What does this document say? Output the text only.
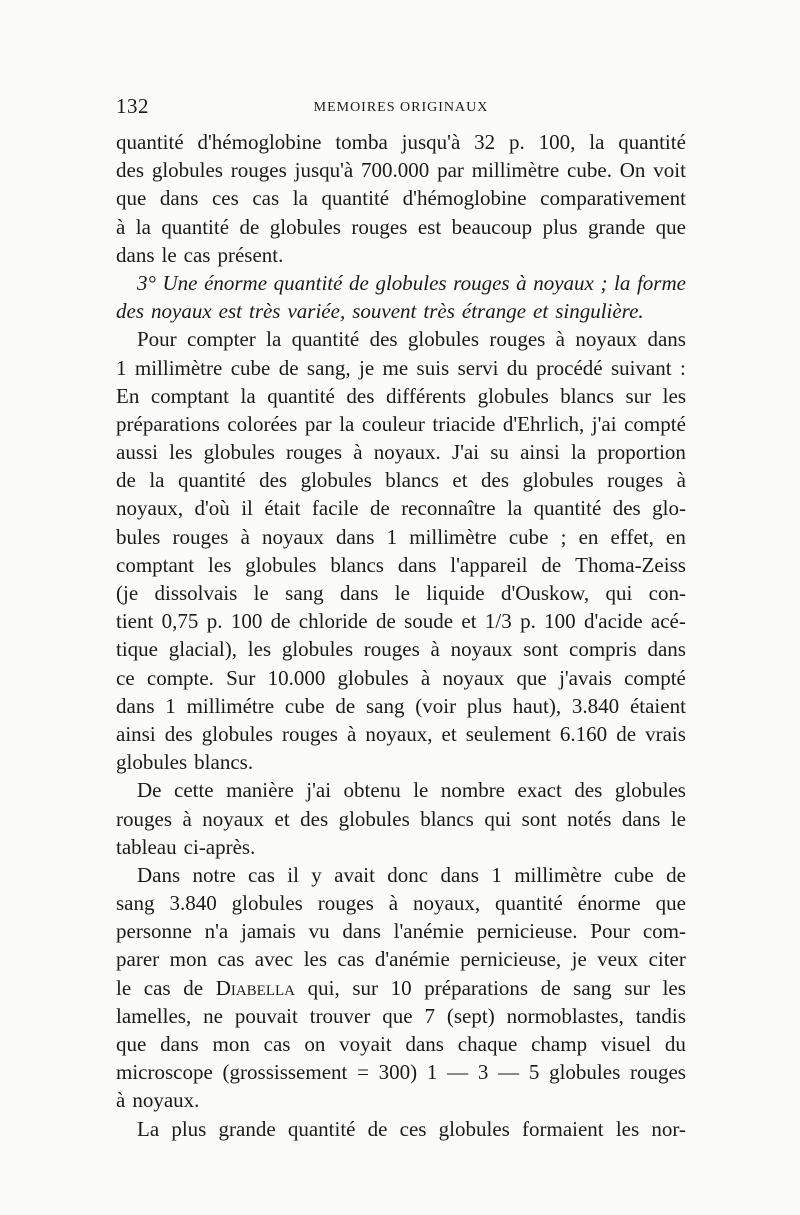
132	MEMOIRES ORIGINAUX
quantité d'hémoglobine tomba jusqu'à 32 p. 100, la quantité
des globules rouges jusqu'à 700.000 par millimètre cube. On voit
que dans ces cas la quantité d'hémoglobine comparativement
à la quantité de globules rouges est beaucoup plus grande que
dans le cas présent.
3° Une énorme quantité de globules rouges à noyaux ; la forme
des noyaux est très variée, souvent très étrange et singulière.
Pour compter la quantité des globules rouges à noyaux dans
1 millimètre cube de sang, je me suis servi du procédé suivant :
En comptant la quantité des différents globules blancs sur les
préparations colorées par la couleur triacide d'Ehrlich, j'ai compté
aussi les globules rouges à noyaux. J'ai su ainsi la proportion
de la quantité des globules blancs et des globules rouges à
noyaux, d'où il était facile de reconnaître la quantité des glo-
bules rouges à noyaux dans 1 millimètre cube ; en effet, en
comptant les globules blancs dans l'appareil de Thoma-Zeiss
(je dissolvais le sang dans le liquide d'Ouskow, qui con-
tient 0,75 p. 100 de chloride de soude et 1/3 p. 100 d'acide acé-
tique glacial), les globules rouges à noyaux sont compris dans
ce compte. Sur 10.000 globules à noyaux que j'avais compté
dans 1 millimétre cube de sang (voir plus haut), 3.840 étaient
ainsi des globules rouges à noyaux, et seulement 6.160 de vrais
globules blancs.
De cette manière j'ai obtenu le nombre exact des globules
rouges à noyaux et des globules blancs qui sont notés dans le
tableau ci-après.
Dans notre cas il y avait donc dans 1 millimètre cube de
sang 3.840 globules rouges à noyaux, quantité énorme que
personne n'a jamais vu dans l'anémie pernicieuse. Pour com-
parer mon cas avec les cas d'anémie pernicieuse, je veux citer
le cas de Diabella qui, sur 10 préparations de sang sur les
lamelles, ne pouvait trouver que 7 (sept) normoblastes, tandis
que dans mon cas on voyait dans chaque champ visuel du
microscope (grossissement = 300) 1 — 3 — 5 globules rouges
à noyaux.
La plus grande quantité de ces globules formaient les nor-
